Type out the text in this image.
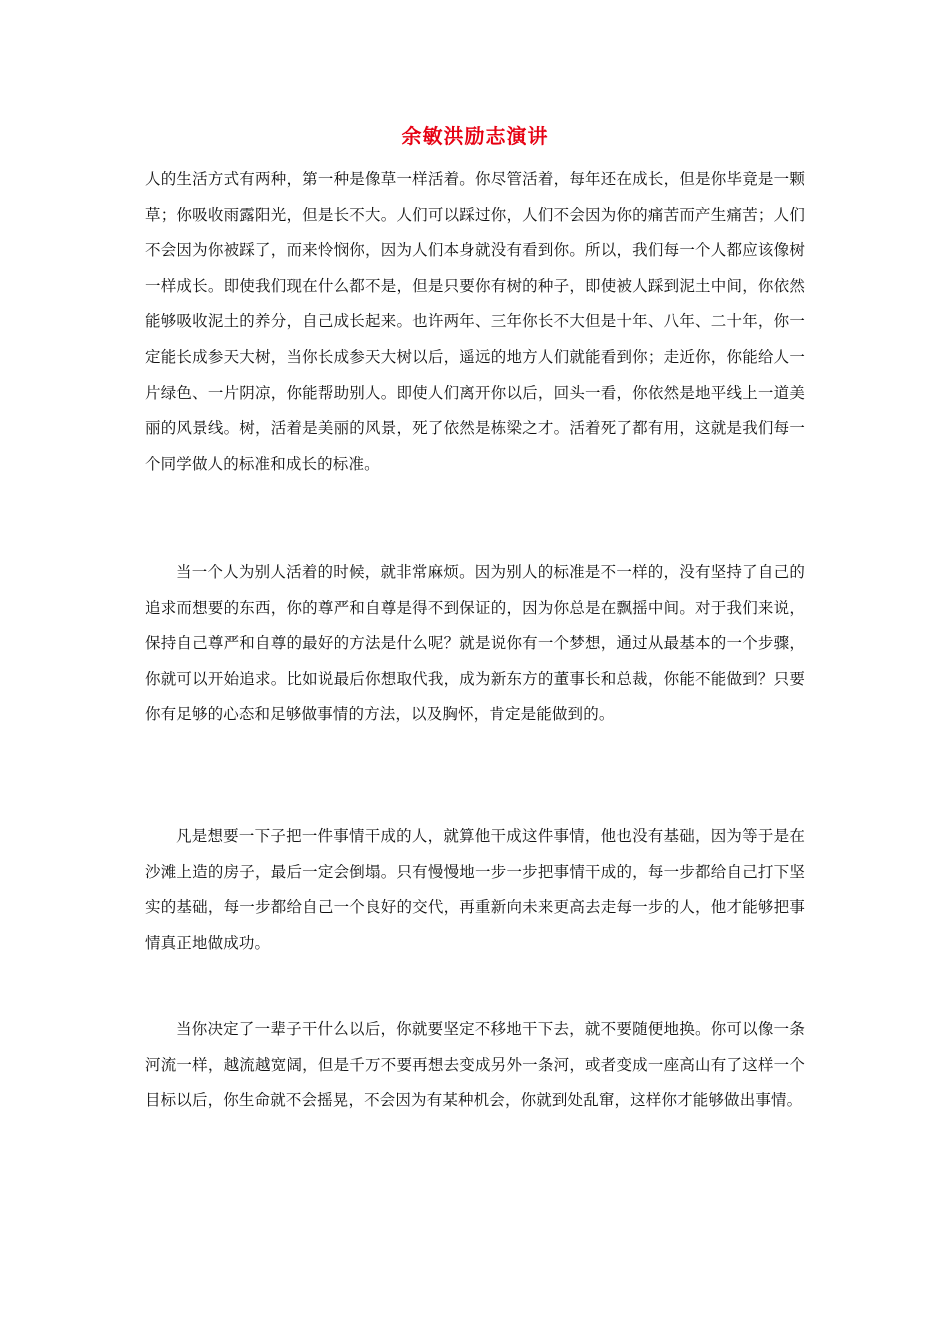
余敏洪励志演讲

人的生活方式有两种，第一种是像草一样活着。你尽管活着，每年还在成长，但是你毕竟是一颗草；你吸收雨露阳光，但是长不大。人们可以踩过你，人们不会因为你的痛苦而产生痛苦；人们不会因为你被踩了，而来怜悯你，因为人们本身就没有看到你。所以，我们每一个人都应该像树一样成长。即使我们现在什么都不是，但是只要你有树的种子，即使被人踩到泥土中间，你依然能够吸收泥土的养分，自己成长起来。也许两年、三年你长不大但是十年、八年、二十年，你一定能长成参天大树，当你长成参天大树以后，遥远的地方人们就能看到你；走近你，你能给人一片绿色、一片阴凉，你能帮助别人。即使人们离开你以后，回头一看，你依然是地平线上一道美丽的风景线。树，活着是美丽的风景，死了依然是栋梁之才。活着死了都有用，这就是我们每一个同学做人的标准和成长的标准。

当一个人为别人活着的时候，就非常麻烦。因为别人的标准是不一样的，没有坚持了自己的追求而想要的东西，你的尊严和自尊是得不到保证的，因为你总是在飘摇中间。对于我们来说，保持自己尊严和自尊的最好的方法是什么呢？就是说你有一个梦想，通过从最基本的一个步骤，你就可以开始追求。比如说最后你想取代我，成为新东方的董事长和总裁，你能不能做到？只要你有足够的心态和足够做事情的方法，以及胸怀，肯定是能做到的。

凡是想要一下子把一件事情干成的人，就算他干成这件事情，他也没有基础，因为等于是在沙滩上造的房子，最后一定会倒塌。只有慢慢地一步一步把事情干成的，每一步都给自己打下坚实的基础，每一步都给自己一个良好的交代，再重新向未来更高去走每一步的人，他才能够把事情真正地做成功。

当你决定了一辈子干什么以后，你就要坚定不移地干下去，就不要随便地换。你可以像一条河流一样，越流越宽阔，但是千万不要再想去变成另外一条河，或者变成一座高山有了这样一个目标以后，你生命就不会摇晃，不会因为有某种机会，你就到处乱窜，这样你才能够做出事情。
